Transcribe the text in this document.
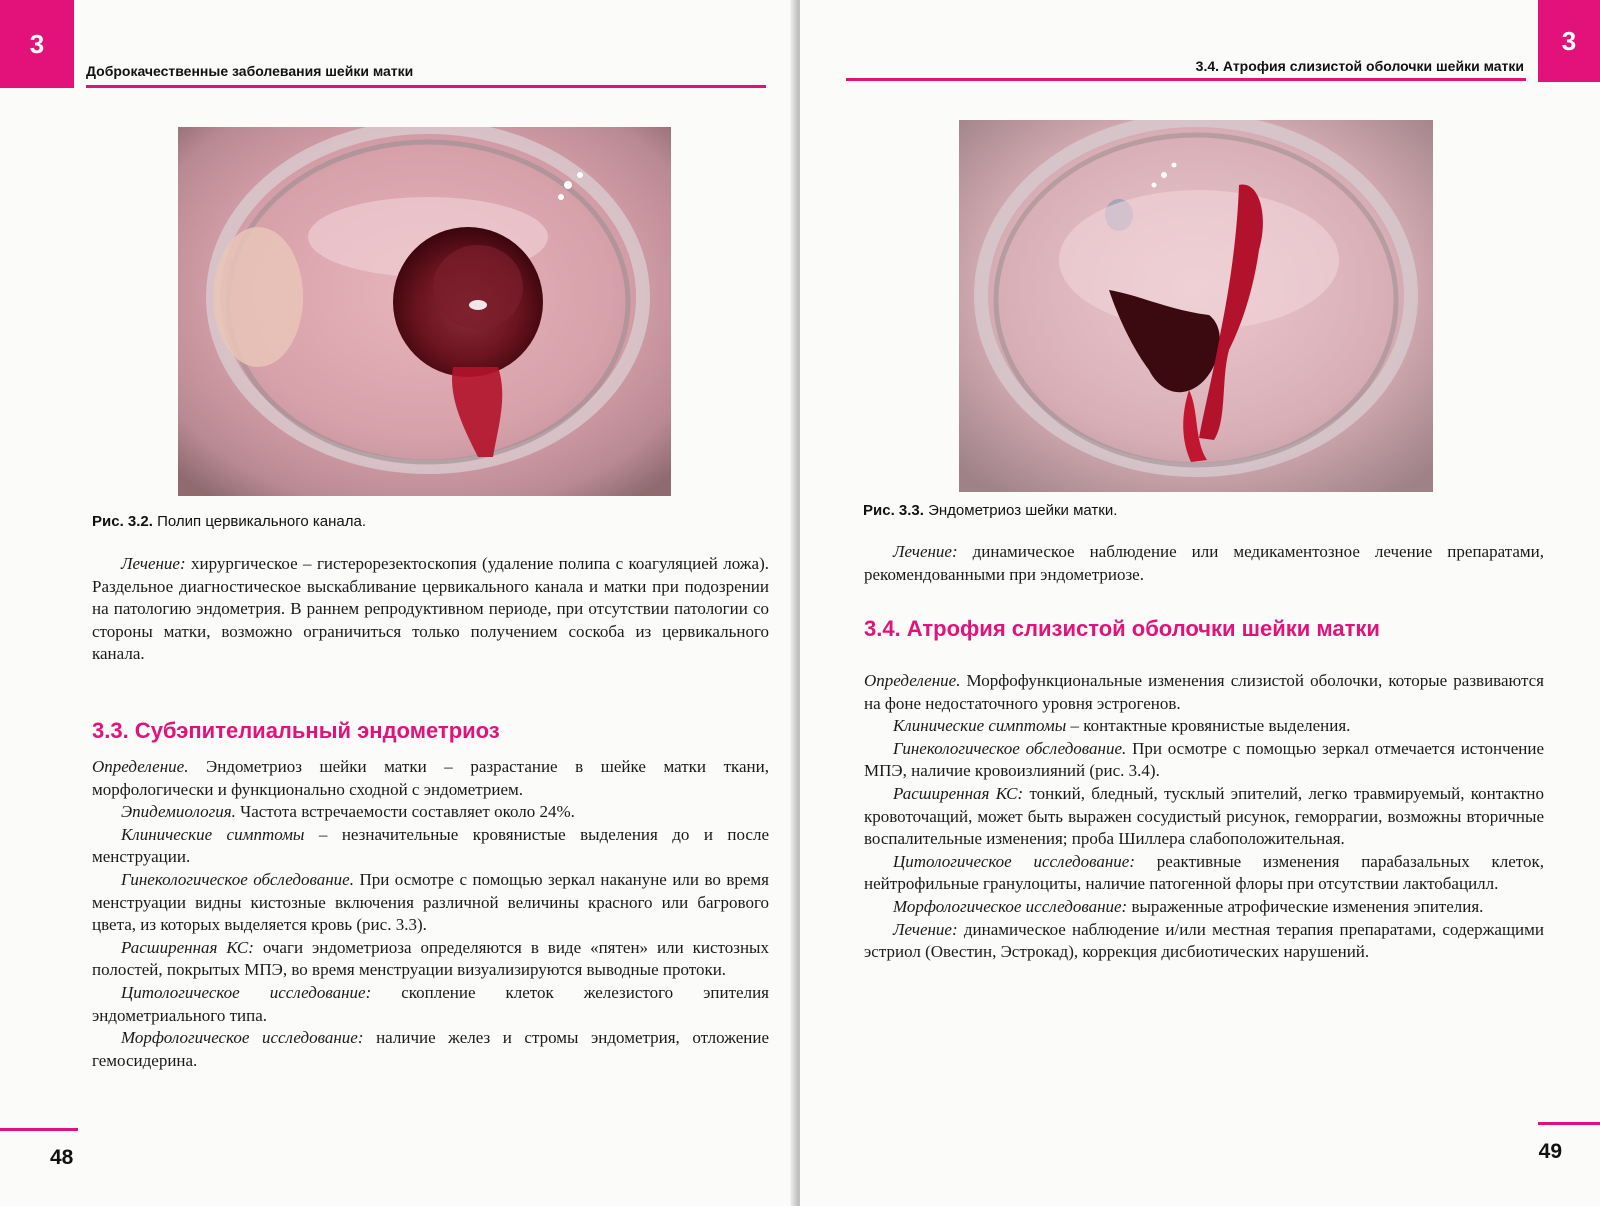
3
Доброкачественные заболевания шейки матки
Рис. 3.2. Полип цервикального канала.

Лечение: хирургическое – гистерорезектоскопия (удаление полипа с коагуляцией ложа). Раздельное диагностическое выскабливание цервикального канала и матки при подозрении на патологию эндометрия. В раннем репродуктивном периоде, при отсутствии патологии со стороны матки, возможно ограничиться только получением соскоба из цервикального канала.

3.3. Субэпителиальный эндометриоз

Определение. Эндометриоз шейки матки – разрастание в шейке матки ткани, морфологически и функционально сходной с эндометрием.

Эпидемиология. Частота встречаемости составляет около 24%.

Клинические симптомы – незначительные кровянистые выделения до и после менструации.

Гинекологическое обследование. При осмотре с помощью зеркал накануне или во время менструации видны кистозные включения различной величины красного или багрового цвета, из которых выделяется кровь (рис. 3.3).

Расширенная КС: очаги эндометриоза определяются в виде «пятен» или кистозных полостей, покрытых МПЭ, во время менструации визуализируются выводные протоки.

Цитологическое исследование: скопление клеток железистого эпителия эндометриального типа.

Морфологическое исследование: наличие желез и стромы эндометрия, отложение гемосидерина.

48
3.4. Атрофия слизистой оболочки шейки матки
3
Рис. 3.3. Эндометриоз шейки матки.

Лечение: динамическое наблюдение или медикаментозное лечение препаратами, рекомендованными при эндометриозе.

3.4. Атрофия слизистой оболочки шейки матки

Определение. Морфофункциональные изменения слизистой оболочки, которые развиваются на фоне недостаточного уровня эстрогенов.

Клинические симптомы – контактные кровянистые выделения.

Гинекологическое обследование. При осмотре с помощью зеркал отмечается истончение МПЭ, наличие кровоизлияний (рис. 3.4).

Расширенная КС: тонкий, бледный, тусклый эпителий, легко травмируемый, контактно кровоточащий, может быть выражен сосудистый рисунок, геморрагии, возможны вторичные воспалительные изменения; проба Шиллера слабоположительная.

Цитологическое исследование: реактивные изменения парабазальных клеток, нейтрофильные гранулоциты, наличие патогенной флоры при отсутствии лактобацилл.

Морфологическое исследование: выраженные атрофические изменения эпителия.

Лечение: динамическое наблюдение и/или местная терапия препаратами, содержащими эстриол (Овестин, Эстрокад), коррекция дисбиотических нарушений.

49
